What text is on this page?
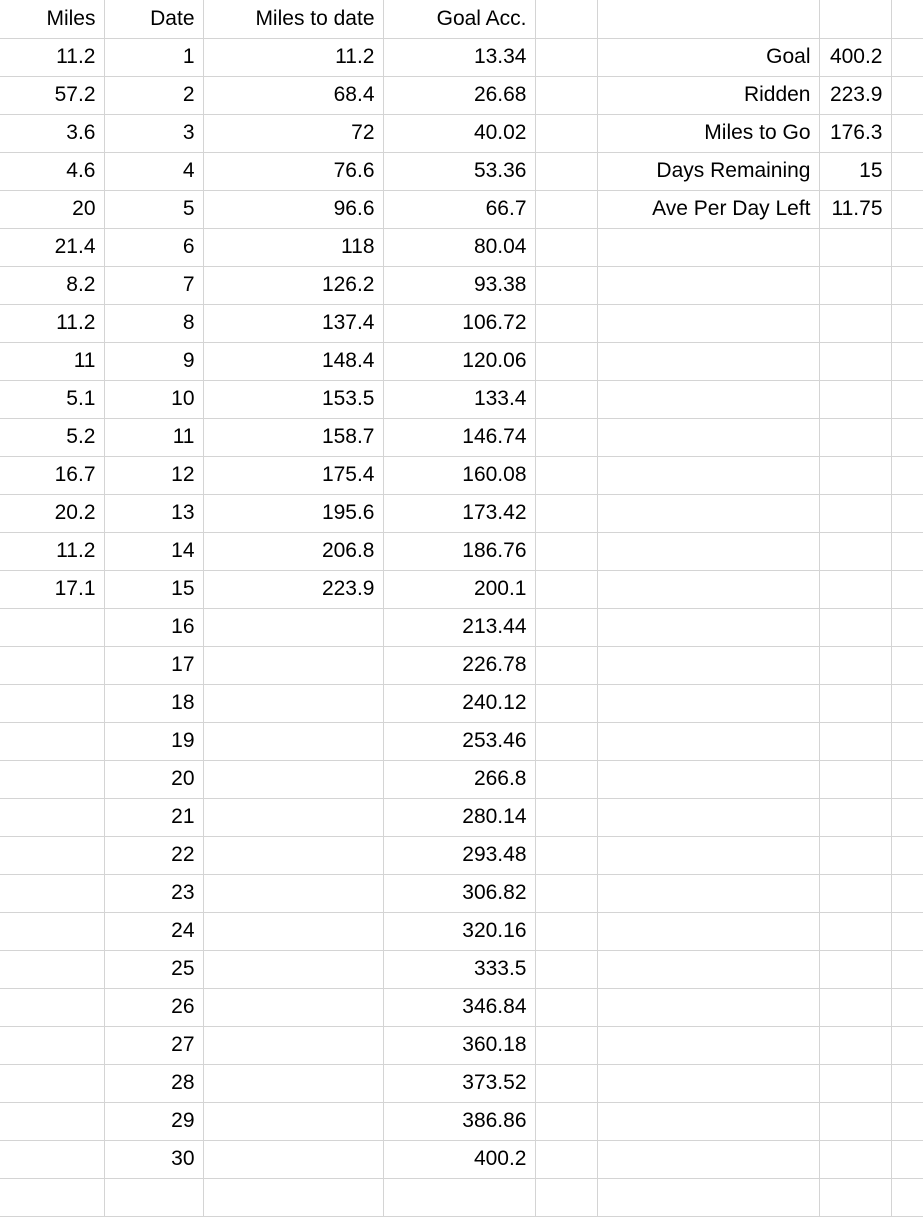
Miles	Date	Miles to date	Goal Acc.				
11.2	1	11.2	13.34		Goal	400.2	
57.2	2	68.4	26.68		Ridden	223.9	
3.6	3	72	40.02		Miles to Go	176.3	
4.6	4	76.6	53.36		Days Remaining	15	
20	5	96.6	66.7		Ave Per Day Left	11.75	
21.4	6	118	80.04				
8.2	7	126.2	93.38				
11.2	8	137.4	106.72				
11	9	148.4	120.06				
5.1	10	153.5	133.4				
5.2	11	158.7	146.74				
16.7	12	175.4	160.08				
20.2	13	195.6	173.42				
11.2	14	206.8	186.76				
17.1	15	223.9	200.1				
	16		213.44				
	17		226.78				
	18		240.12				
	19		253.46				
	20		266.8				
	21		280.14				
	22		293.48				
	23		306.82				
	24		320.16				
	25		333.5				
	26		346.84				
	27		360.18				
	28		373.52				
	29		386.86				
	30		400.2				
